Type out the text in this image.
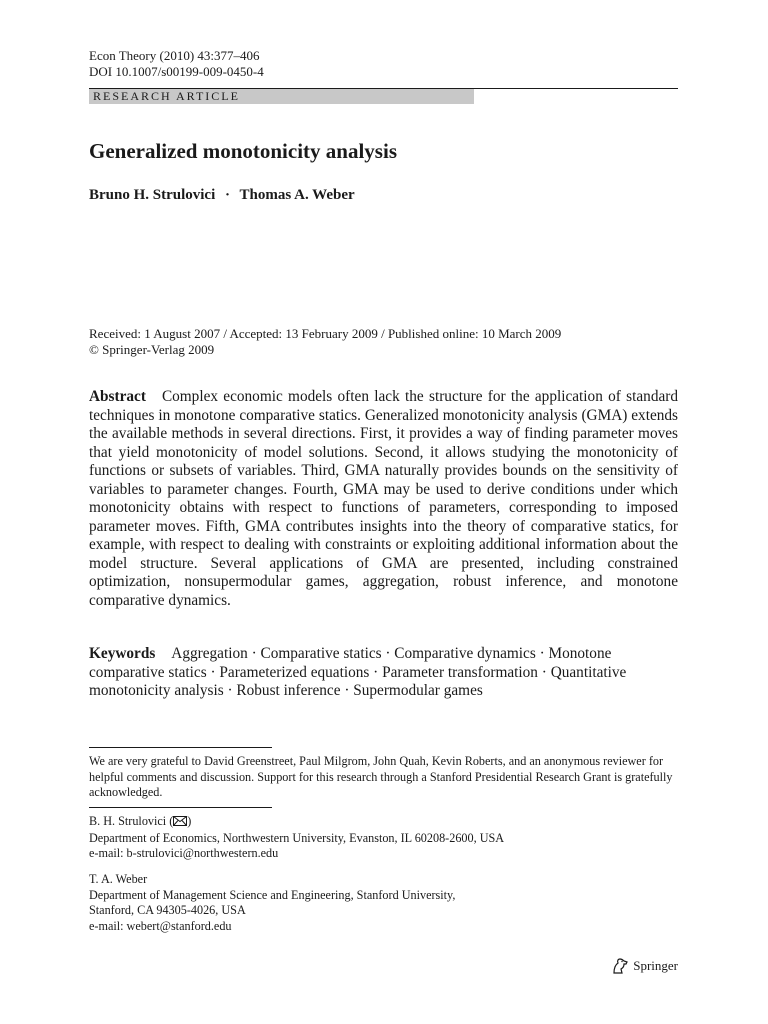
Econ Theory (2010) 43:377–406
DOI 10.1007/s00199-009-0450-4
RESEARCH ARTICLE
Generalized monotonicity analysis
Bruno H. Strulovici · Thomas A. Weber
Received: 1 August 2007 / Accepted: 13 February 2009 / Published online: 10 March 2009
© Springer-Verlag 2009

Abstract Complex economic models often lack the structure for the application of standard techniques in monotone comparative statics. Generalized monotonicity analysis (GMA) extends the available methods in several directions. First, it provides a way of finding parameter moves that yield monotonicity of model solutions. Second, it allows studying the monotonicity of functions or subsets of variables. Third, GMA naturally provides bounds on the sensitivity of variables to parameter changes. Fourth, GMA may be used to derive conditions under which monotonicity obtains with respect to functions of parameters, corresponding to imposed parameter moves. Fifth, GMA contributes insights into the theory of comparative statics, for example, with respect to dealing with constraints or exploiting additional information about the model structure. Several applications of GMA are presented, including constrained optimization, nonsupermodular games, aggregation, robust inference, and monotone comparative dynamics.

Keywords Aggregation · Comparative statics · Comparative dynamics · Monotone comparative statics · Parameterized equations · Parameter transformation · Quantitative monotonicity analysis · Robust inference · Supermodular games

We are very grateful to David Greenstreet, Paul Milgrom, John Quah, Kevin Roberts, and an anonymous reviewer for helpful comments and discussion. Support for this research through a Stanford Presidential Research Grant is gratefully acknowledged.

B. H. Strulovici ( )
Department of Economics, Northwestern University, Evanston, IL 60208-2600, USA
e-mail: b-strulovici@northwestern.edu
T. A. Weber
Department of Management Science and Engineering, Stanford University,
Stanford, CA 94305-4026, USA
e-mail: webert@stanford.edu
Springer
